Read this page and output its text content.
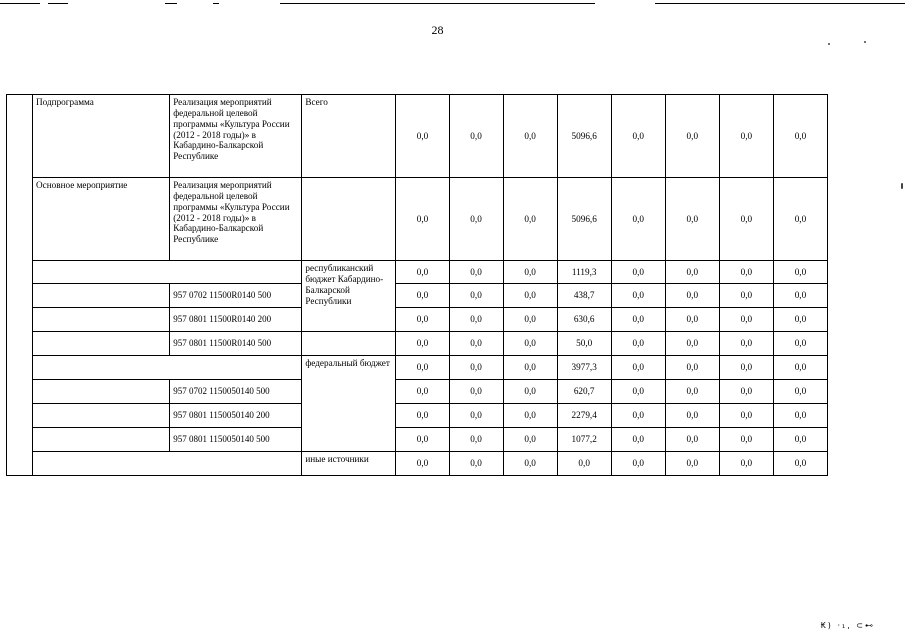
28
	Подпрограмма	Реализация мероприятий федеральной целевой программы «Культура России (2012 - 2018 годы)» в Кабардино-Балкарской Республике	Всего	0,0	0,0	0,0	5096,6	0,0	0,0	0,0	0,0
	Основное мероприятие	Реализация мероприятий федеральной целевой программы «Культура России (2012 - 2018 годы)» в Кабардино-Балкарской Республике		0,0	0,0	0,0	5096,6	0,0	0,0	0,0	0,0
			республиканский бюджет Кабардино-Балкарской Республики	0,0	0,0	0,0	1119,3	0,0	0,0	0,0	0,0
		957 0702 11500R0140 500		0,0	0,0	0,0	438,7	0,0	0,0	0,0	0,0
		957 0801 11500R0140 200		0,0	0,0	0,0	630,6	0,0	0,0	0,0	0,0
		957 0801 11500R0140 500		0,0	0,0	0,0	50,0	0,0	0,0	0,0	0,0
			федеральный бюджет	0,0	0,0	0,0	3977,3	0,0	0,0	0,0	0,0
		957 0702 1150050140 500		0,0	0,0	0,0	620,7	0,0	0,0	0,0	0,0
		957 0801 1150050140 200		0,0	0,0	0,0	2279,4	0,0	0,0	0,0	0,0
		957 0801 1150050140 500		0,0	0,0	0,0	1077,2	0,0	0,0	0,0	0,0
			иные источники	0,0	0,0	0,0	0,0	0,0	0,0	0,0	0,0
₭) ·₁, ⊂⊷
